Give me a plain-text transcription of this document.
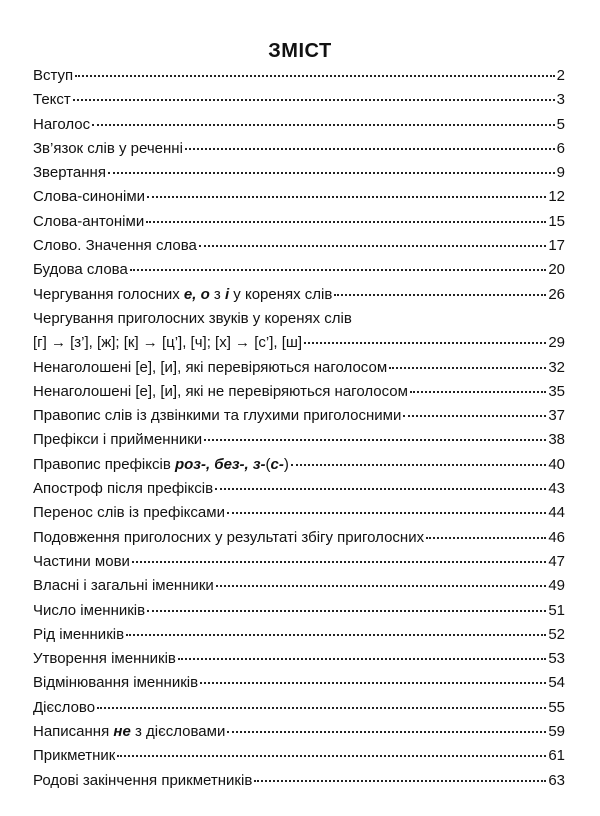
ЗМІСТ
Вступ	2
Текст	3
Наголос	5
Зв’язок слів у реченні	6
Звертання	9
Слова-синоніми	12
Слова-антоніми	15
Слово. Значення слова	17
Будова слова	20
Чергування голосних е, о з і у коренях слів	26
Чергування приголосних звуків у коренях слів
[г] → [з’], [ж]; [к] → [ц’], [ч]; [х] → [с’], [ш]	29
Ненаголошені [е], [и], які перевіряються наголосом	32
Ненаголошені [е], [и], які не перевіряються наголосом	35
Правопис слів із дзвінкими та глухими приголосними	37
Префікси і прийменники	38
Правопис префіксів роз-, без-, з-(с-)	40
Апостроф після префіксів	43
Перенос слів із префіксами	44
Подовження приголосних у результаті збігу приголосних	46
Частини мови	47
Власні і загальні іменники	49
Число іменників	51
Рід іменників	52
Утворення іменників	53
Відмінювання іменників	54
Дієслово	55
Написання не з дієсловами	59
Прикметник	61
Родові закінчення прикметників	63
